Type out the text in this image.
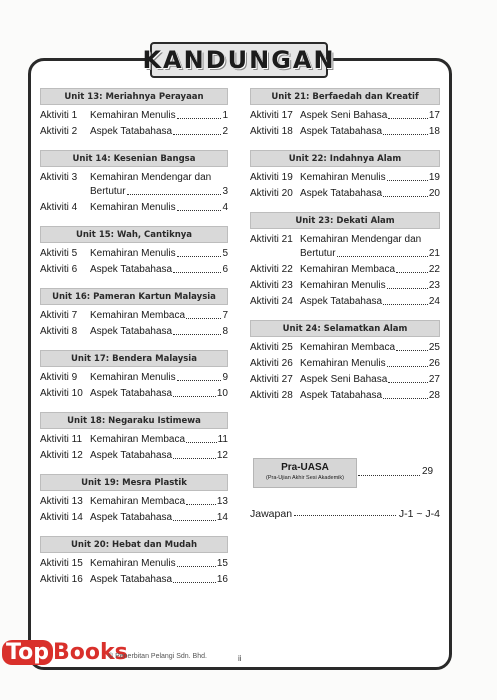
KANDUNGAN
Unit 13: Meriahnya Perayaan
Aktiviti 1	Kemahiran Menulis	1
Aktiviti 2	Aspek Tatabahasa	2
Unit 14: Kesenian Bangsa
Aktiviti 3	Kemahiran Mendengar dan
Bertutur	3
Aktiviti 4	Kemahiran Menulis	4
Unit 15: Wah, Cantiknya
Aktiviti 5	Kemahiran Menulis	5
Aktiviti 6	Aspek Tatabahasa	6
Unit 16: Pameran Kartun Malaysia
Aktiviti 7	Kemahiran Membaca	7
Aktiviti 8	Aspek Tatabahasa	8
Unit 17: Bendera Malaysia
Aktiviti 9	Kemahiran Menulis	9
Aktiviti 10 Aspek Tatabahasa	10
Unit 18: Negaraku Istimewa
Aktiviti 11 Kemahiran Membaca	11
Aktiviti 12 Aspek Tatabahasa	12
Unit 19: Mesra Plastik
Aktiviti 13 Kemahiran Membaca	13
Aktiviti 14 Aspek Tatabahasa	14
Unit 20: Hebat dan Mudah
Aktiviti 15 Kemahiran Menulis	15
Aktiviti 16 Aspek Tatabahasa	16
Unit 21: Berfaedah dan Kreatif
Aktiviti 17 Aspek Seni Bahasa	17
Aktiviti 18 Aspek Tatabahasa	18
Unit 22: Indahnya Alam
Aktiviti 19 Kemahiran Menulis	19
Aktiviti 20 Aspek Tatabahasa	20
Unit 23: Dekati Alam
Aktiviti 21 Kemahiran Mendengar dan
Bertutur	21
Aktiviti 22 Kemahiran Membaca	22
Aktiviti 23 Kemahiran Menulis	23
Aktiviti 24 Aspek Tatabahasa	24
Unit 24: Selamatkan Alam
Aktiviti 25 Kemahiran Membaca	25
Aktiviti 26 Kemahiran Menulis	26
Aktiviti 27 Aspek Seni Bahasa	27
Aktiviti 28 Aspek Tatabahasa	28
Pra-UASA
(Pra-Ujian Akhir Sesi Akademik)
29
Jawapan	J-1 ~ J-4
Top Books
© Penerbitan Pelangi Sdn. Bhd.	ii
